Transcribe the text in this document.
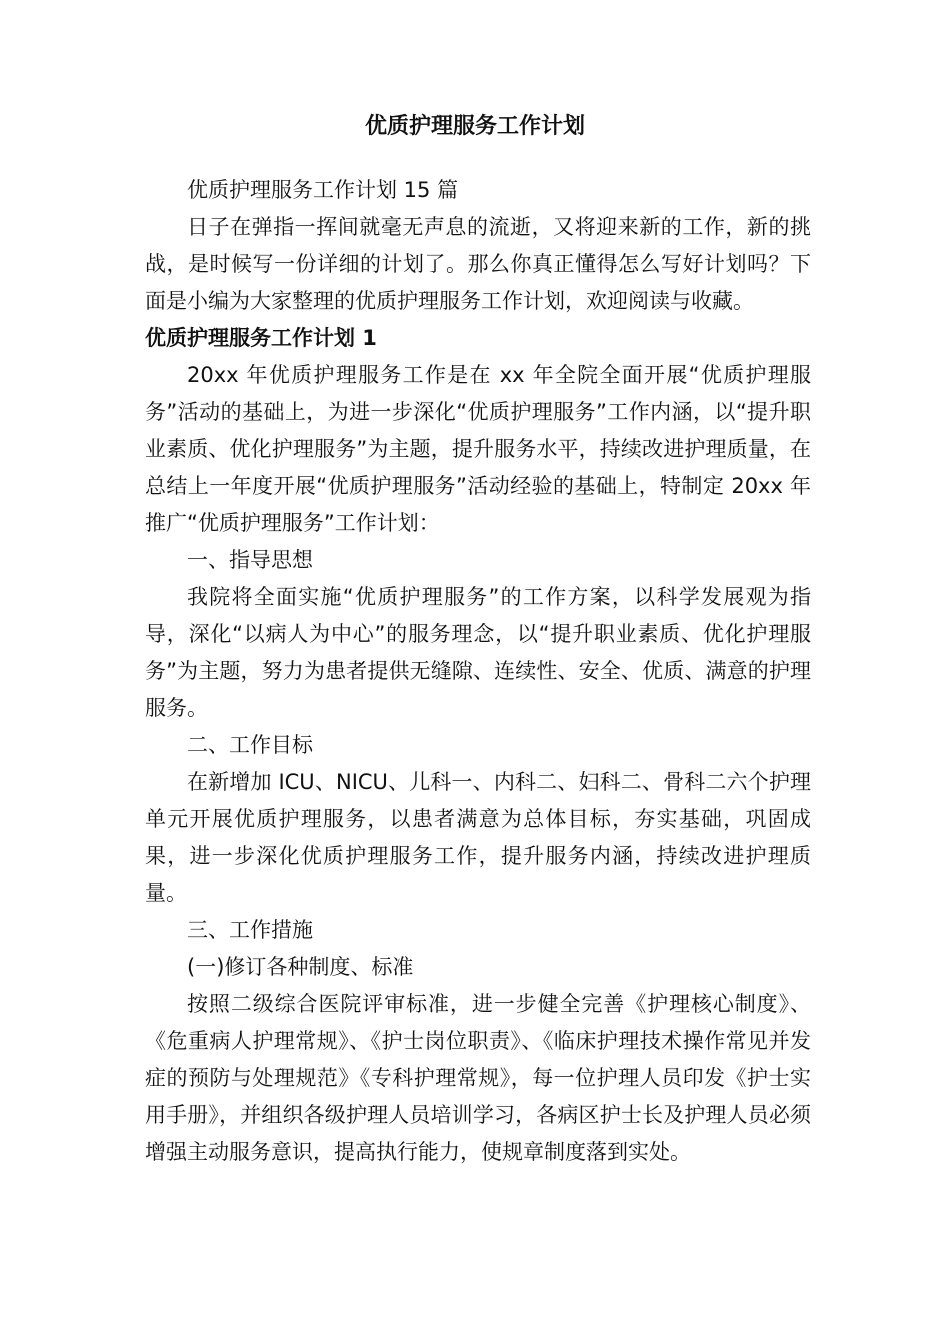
优质护理服务工作计划

优质护理服务工作计划 15 篇

日子在弹指一挥间就毫无声息的流逝，又将迎来新的工作，新的挑战，是时候写一份详细的计划了。那么你真正懂得怎么写好计划吗？下面是小编为大家整理的优质护理服务工作计划，欢迎阅读与收藏。

优质护理服务工作计划 1

20xx 年优质护理服务工作是在 xx 年全院全面开展“优质护理服务”活动的基础上，为进一步深化“优质护理服务”工作内涵，以“提升职业素质、优化护理服务”为主题，提升服务水平，持续改进护理质量，在总结上一年度开展“优质护理服务”活动经验的基础上，特制定 20xx 年推广“优质护理服务”工作计划：

一、指导思想

我院将全面实施“优质护理服务”的工作方案，以科学发展观为指导，深化“以病人为中心”的服务理念，以“提升职业素质、优化护理服务”为主题，努力为患者提供无缝隙、连续性、安全、优质、满意的护理服务。

二、工作目标

在新增加 ICU、NICU、儿科一、内科二、妇科二、骨科二六个护理单元开展优质护理服务，以患者满意为总体目标，夯实基础，巩固成果，进一步深化优质护理服务工作，提升服务内涵，持续改进护理质量。

三、工作措施

(一)修订各种制度、标准

按照二级综合医院评审标准，进一步健全完善《护理核心制度》、《危重病人护理常规》、《护士岗位职责》、《临床护理技术操作常见并发症的预防与处理规范》《专科护理常规》，每一位护理人员印发《护士实用手册》，并组织各级护理人员培训学习，各病区护士长及护理人员必须增强主动服务意识，提高执行能力，使规章制度落到实处。
